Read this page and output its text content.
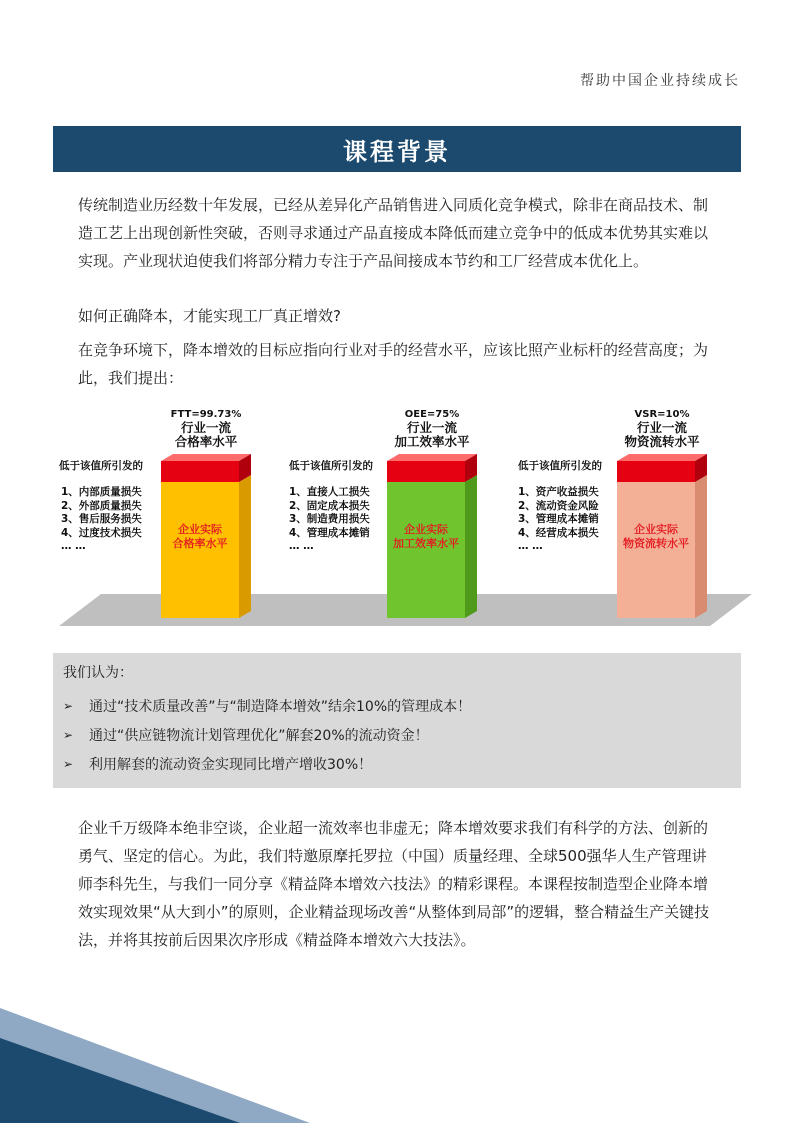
帮助中国企业持续成长
课程背景

传统制造业历经数十年发展，已经从差异化产品销售进入同质化竞争模式，除非在商品技术、制造工艺上出现创新性突破，否则寻求通过产品直接成本降低而建立竞争中的低成本优势其实难以实现。产业现状迫使我们将部分精力专注于产品间接成本节约和工厂经营成本优化上。

如何正确降本，才能实现工厂真正增效?

在竞争环境下，降本增效的目标应指向行业对手的经营水平，应该比照产业标杆的经营高度；为此，我们提出：

FTT=99.73%
行业一流
合格率水平
低于该值所引发的
1、内部质量损失
2、外部质量损失
3、售后服务损失
4、过度技术损失
… …
企业实际
合格率水平
OEE=75%
行业一流
加工效率水平
低于该值所引发的
1、直接人工损失
2、固定成本损失
3、制造费用损失
4、管理成本摊销
… …
企业实际
加工效率水平
VSR=10%
行业一流
物资流转水平
低于该值所引发的
1、资产收益损失
2、流动资金风险
3、管理成本摊销
4、经营成本损失
… …
企业实际
物资流转水平
我们认为：
➢	通过“技术质量改善”与“制造降本增效”结余10%的管理成本！
➢	通过“供应链物流计划管理优化”解套20%的流动资金！
➢	利用解套的流动资金实现同比增产增收30%！

企业千万级降本绝非空谈，企业超一流效率也非虚无；降本增效要求我们有科学的方法、创新的勇气、坚定的信心。为此，我们特邀原摩托罗拉（中国）质量经理、全球500强华人生产管理讲师李科先生，与我们一同分享《精益降本增效六技法》的精彩课程。本课程按制造型企业降本增效实现效果“从大到小”的原则，企业精益现场改善“从整体到局部”的逻辑，整合精益生产关键技法，并将其按前后因果次序形成《精益降本增效六大技法》。
